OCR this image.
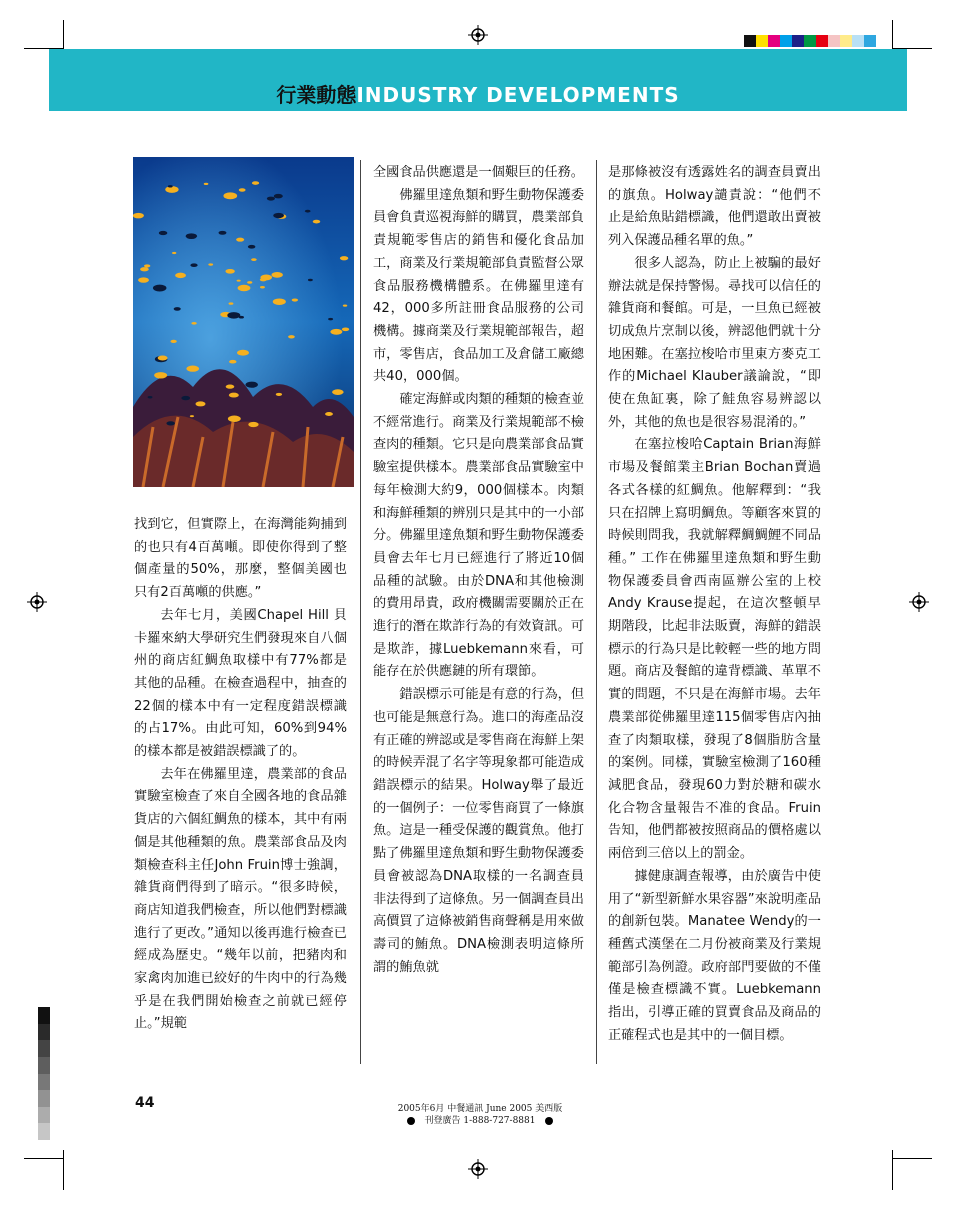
行業動態INDUSTRY DEVELOPMENTS

找到它，但實際上，在海灣能夠捕到的也只有4百萬噸。即使你得到了整個產量的50%，那麼，整個美國也只有2百萬噸的供應。”

去年七月，美國Chapel Hill 貝卡羅來納大學研究生們發現來自八個州的商店紅鯛魚取樣中有77%都是其他的品種。在檢查過程中，抽查的22個的樣本中有一定程度錯誤標識的占17%。由此可知，60%到94%的樣本都是被錯誤標識了的。

去年在佛羅里達，農業部的食品實驗室檢查了來自全國各地的食品雜貨店的六個紅鯛魚的樣本，其中有兩個是其他種類的魚。農業部食品及肉類檢查科主任John Fruin博士強調，雜貨商們得到了暗示。“很多時候，商店知道我們檢查，所以他們對標識進行了更改。”通知以後再進行檢查已經成為歷史。“幾年以前，把豬肉和家禽肉加進已絞好的牛肉中的行為幾乎是在我們開始檢查之前就已經停止。”規範

全國食品供應還是一個艱巨的任務。

佛羅里達魚類和野生動物保護委員會負責巡視海鮮的購買，農業部負責規範零售店的銷售和優化食品加工，商業及行業規範部負責監督公眾食品服務機構體系。在佛羅里達有42，000多所註冊食品服務的公司機構。據商業及行業規範部報告，超市，零售店，食品加工及倉儲工廠總共40，000個。

確定海鮮或肉類的種類的檢查並不經常進行。商業及行業規範部不檢查肉的種類。它只是向農業部食品實驗室提供樣本。農業部食品實驗室中每年檢測大約9，000個樣本。肉類和海鮮種類的辨別只是其中的一小部分。佛羅里達魚類和野生動物保護委員會去年七月已經進行了將近10個品種的試驗。由於DNA和其他檢測的費用昂貴，政府機關需要關於正在進行的潛在欺詐行為的有效資訊。可是欺詐，據Luebkemann來看，可能存在於供應鏈的所有環節。

錯誤標示可能是有意的行為，但也可能是無意行為。進口的海產品沒有正確的辨認或是零售商在海鮮上架的時候弄混了名字等現象都可能造成錯誤標示的結果。Holway舉了最近的一個例子：一位零售商買了一條旗魚。這是一種受保護的觀賞魚。他打點了佛羅里達魚類和野生動物保護委員會被認為DNA取樣的一名調查員非法得到了這條魚。另一個調查員出高價買了這條被銷售商聲稱是用來做壽司的鮪魚。DNA檢測表明這條所謂的鮪魚就

是那條被沒有透露姓名的調查員賣出的旗魚。Holway譴責說：“他們不止是給魚貼錯標識，他們還敢出賣被列入保護品種名單的魚。”

很多人認為，防止上被騙的最好辦法就是保持警惕。尋找可以信任的雜貨商和餐館。可是，一旦魚已經被切成魚片烹制以後，辨認他們就十分地困難。在塞拉梭哈市里東方麥克工作的Michael Klauber議論說，“即使在魚缸裏，除了鮭魚容易辨認以外，其他的魚也是很容易混淆的。”

在塞拉梭哈Captain Brian海鮮市場及餐館業主Brian Bochan賣過各式各樣的紅鯛魚。他解釋到：“我只在招牌上寫明鯛魚。等顧客來買的時候則問我，我就解釋鯛鯛鯉不同品種。” 工作在佛羅里達魚類和野生動物保護委員會西南區辦公室的上校Andy Krause提起，在這次整頓早期階段，比起非法販賣，海鮮的錯誤標示的行為只是比較輕一些的地方問題。商店及餐館的違背標識、革單不實的問題，不只是在海鮮市場。去年農業部從佛羅里達115個零售店內抽查了肉類取樣，發現了8個脂肪含量的案例。同樣，實驗室檢測了160種減肥食品，發現60力對於糖和碳水化合物含量報告不准的食品。Fruin告知，他們都被按照商品的價格處以兩倍到三倍以上的罰金。

據健康調查報導，由於廣告中使用了“新型新鮮水果容器”來說明產品的創新包裝。Manatee Wendy的一種舊式漢堡在二月份被商業及行業規範部引為例證。政府部門要做的不僅僅是檢查標識不實。Luebkemann指出，引導正確的買賣食品及商品的正確程式也是其中的一個目標。

44	2005年6月 中餐通訊 June 2005 美西版
刊登廣告 1-888-727-8881
